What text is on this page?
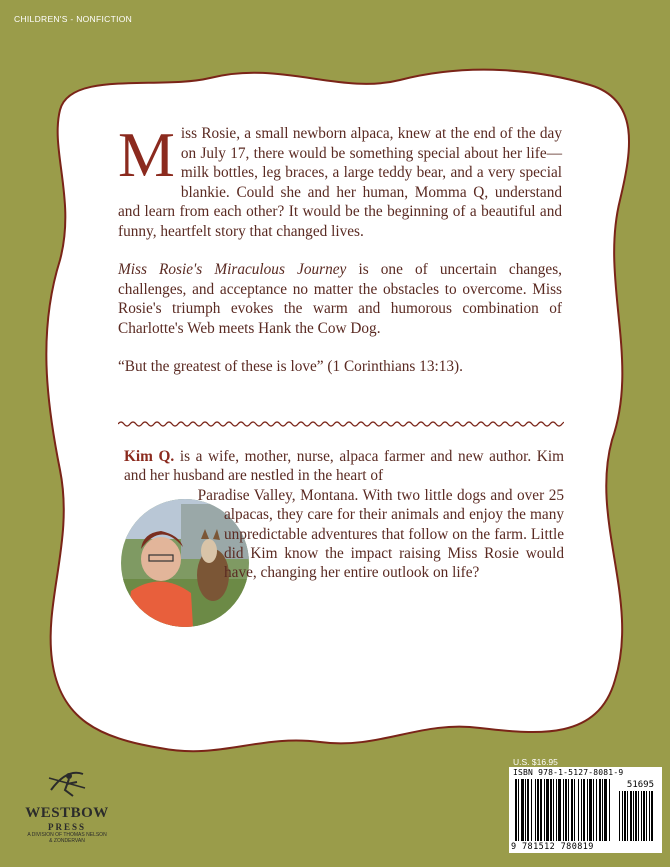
CHILDREN'S - NONFICTION

Miss Rosie, a small newborn alpaca, knew at the end of the day on July 17, there would be something special about her life—milk bottles, leg braces, a large teddy bear, and a very special blankie. Could she and her human, Momma Q, understand and learn from each other? It would be the beginning of a beautiful and funny, heartfelt story that changed lives.

Miss Rosie's Miraculous Journey is one of uncertain changes, challenges, and acceptance no matter the obstacles to overcome. Miss Rosie's triumph evokes the warm and humorous combination of Charlotte's Web meets Hank the Cow Dog.

“But the greatest of these is love” (1 Corinthians 13:13).

Kim Q. is a wife, mother, nurse, alpaca farmer and new author. Kim and her husband are nestled in the heart of
Paradise Valley, Montana. With two little dogs and over 25 alpacas, they care for their animals and enjoy the many unpredictable adventures that follow on the farm. Little did Kim know the impact raising Miss Rosie would have, changing her entire outlook on life?
U.S. $16.95
ISBN 978-1-5127-8081-9
51695
9 781512 780819
WESTBOW
PRESS
A DIVISION OF THOMAS NELSON
& ZONDERVAN
